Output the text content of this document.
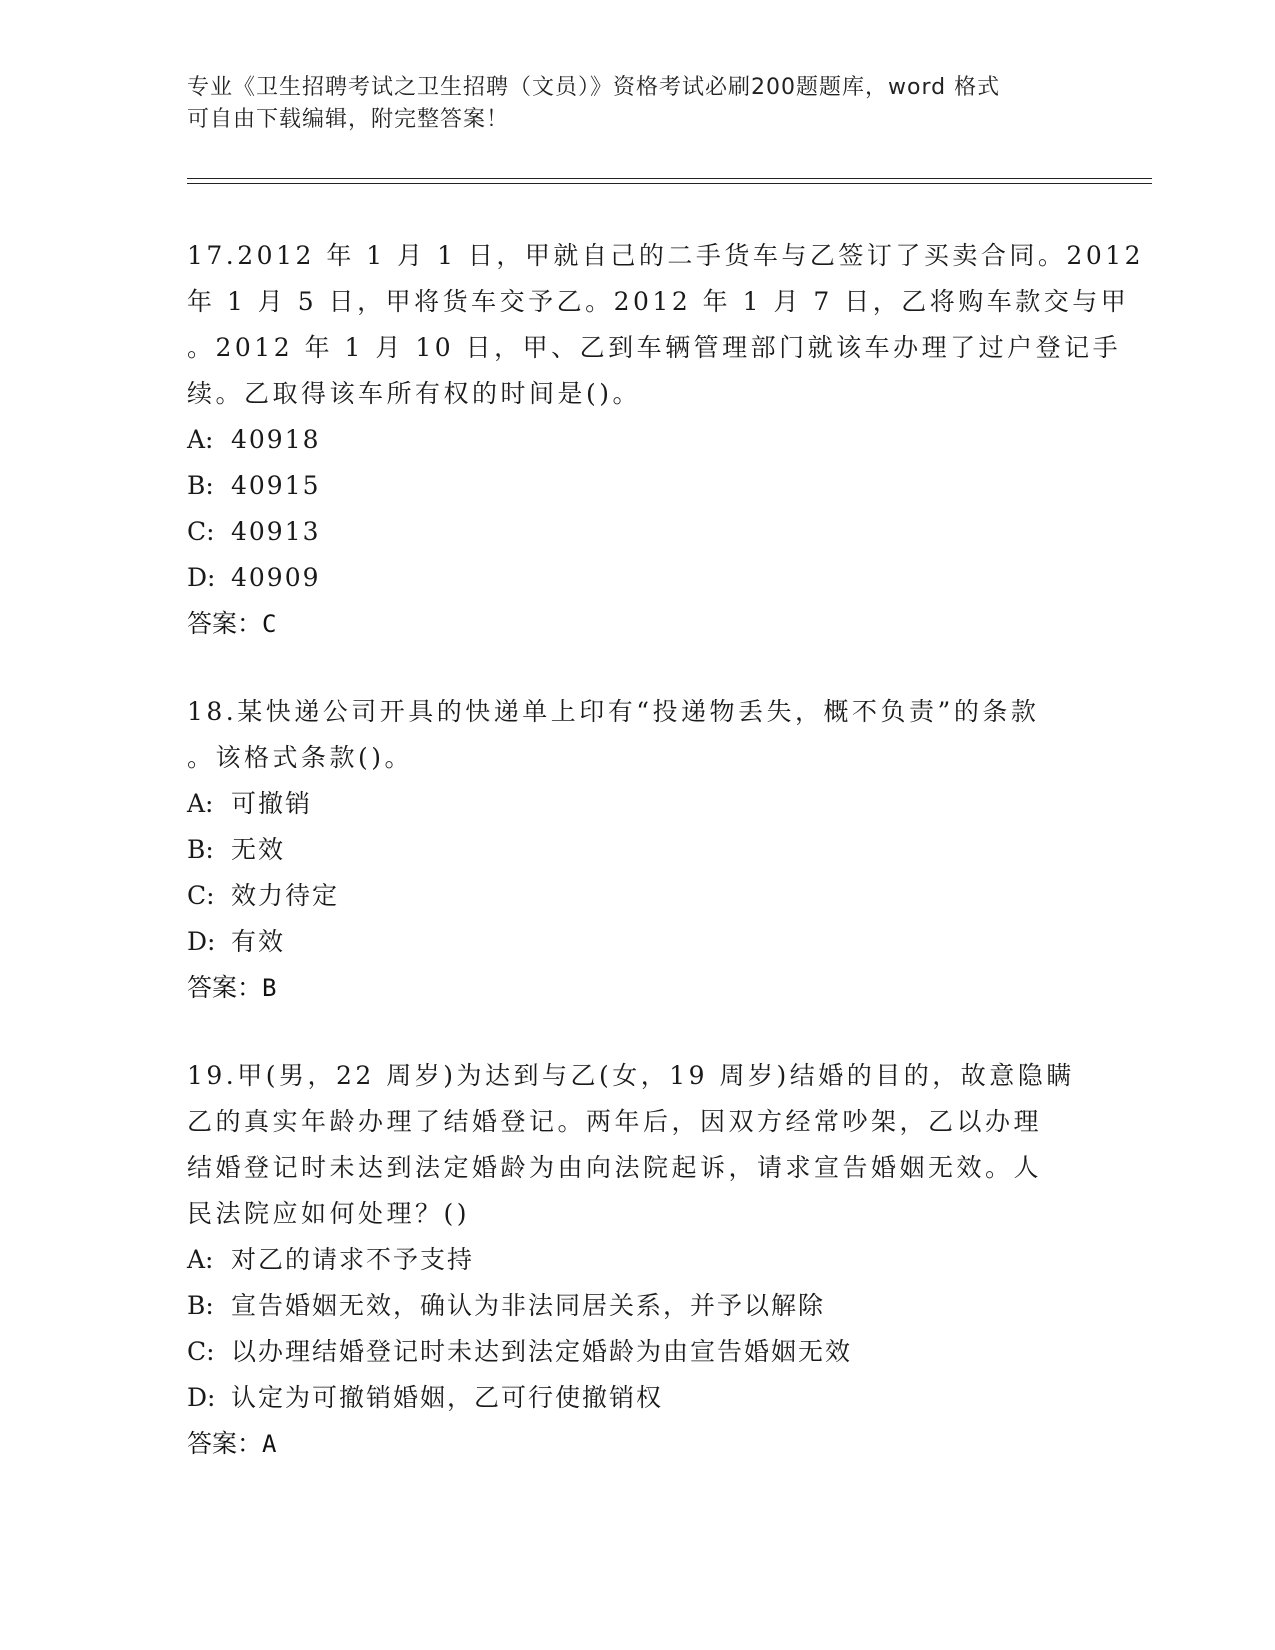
专业《卫生招聘考试之卫生招聘（文员）》资格考试必刷200题题库，word 格式
可自由下载编辑，附完整答案！
17.2012 年 1 月 1 日，甲就自己的二手货车与乙签订了买卖合同。2012
年 1 月 5 日，甲将货车交予乙。2012 年 1 月 7 日，乙将购车款交与甲
。2012 年 1 月 10 日，甲、乙到车辆管理部门就该车办理了过户登记手
续。乙取得该车所有权的时间是()。
A: 40918
B: 40915
C: 40913
D: 40909
答案：C
18.某快递公司开具的快递单上印有“投递物丢失，概不负责”的条款
。该格式条款()。
A: 可撤销
B: 无效
C: 效力待定
D: 有效
答案：B
19.甲(男，22 周岁)为达到与乙(女，19 周岁)结婚的目的，故意隐瞒
乙的真实年龄办理了结婚登记。两年后，因双方经常吵架，乙以办理
结婚登记时未达到法定婚龄为由向法院起诉，请求宣告婚姻无效。人
民法院应如何处理？()
A: 对乙的请求不予支持
B: 宣告婚姻无效，确认为非法同居关系，并予以解除
C: 以办理结婚登记时未达到法定婚龄为由宣告婚姻无效
D: 认定为可撤销婚姻，乙可行使撤销权
答案：A
